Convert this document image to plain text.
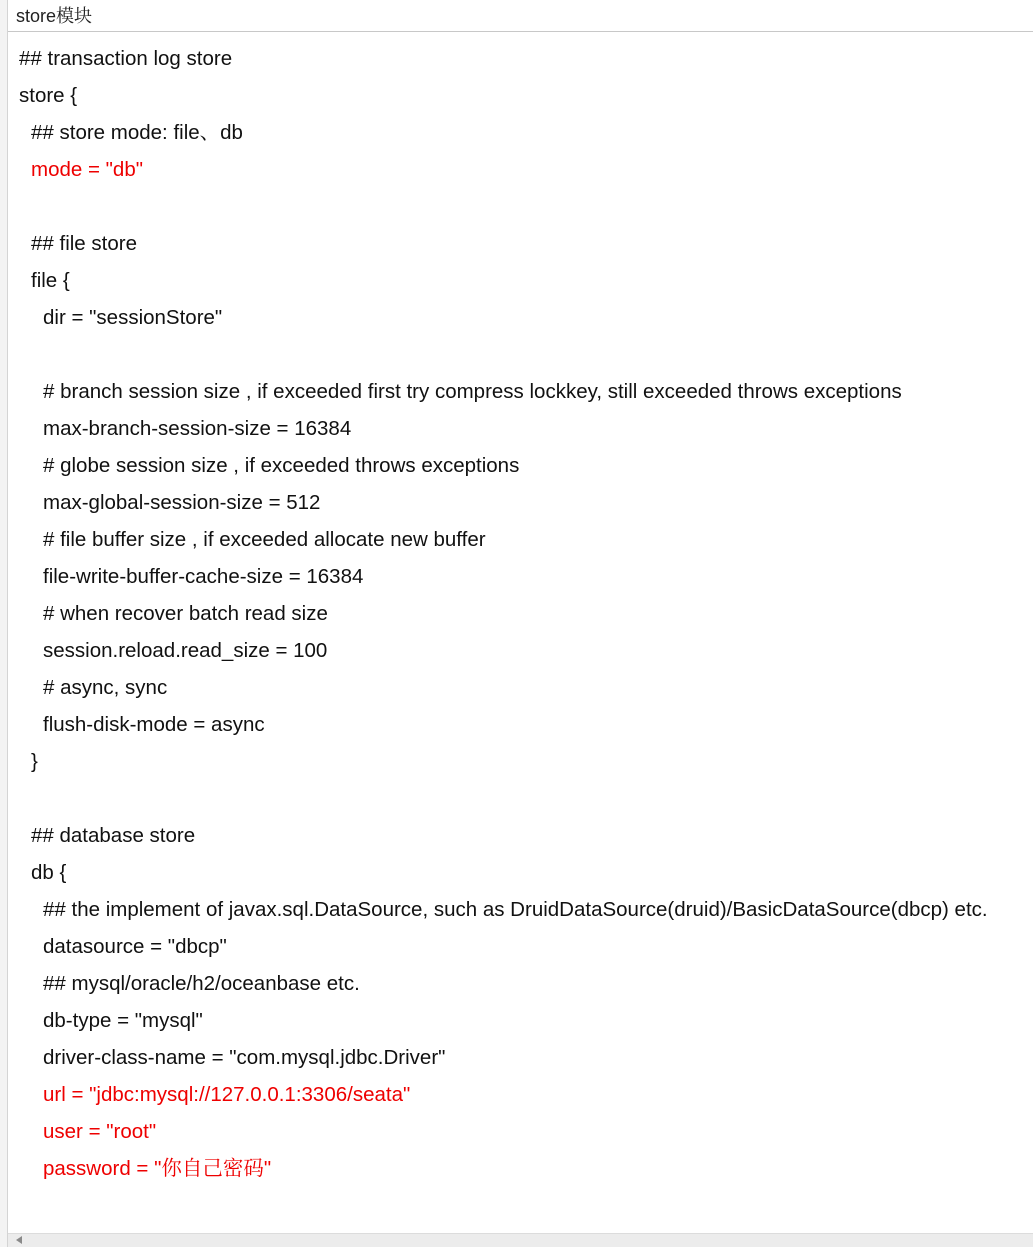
store模块
## transaction log store
store {
## store mode: file、db
mode = "db"
## file store
file {
dir = "sessionStore"
# branch session size , if exceeded first try compress lockkey, still exceeded throws exceptions
max-branch-session-size = 16384
# globe session size , if exceeded throws exceptions
max-global-session-size = 512
# file buffer size , if exceeded allocate new buffer
file-write-buffer-cache-size = 16384
# when recover batch read size
session.reload.read_size = 100
# async, sync
flush-disk-mode = async
}
## database store
db {
## the implement of javax.sql.DataSource, such as DruidDataSource(druid)/BasicDataSource(dbcp) etc.
datasource = "dbcp"
## mysql/oracle/h2/oceanbase etc.
db-type = "mysql"
driver-class-name = "com.mysql.jdbc.Driver"
url = "jdbc:mysql://127.0.0.1:3306/seata"
user = "root"
password = "你自己密码"
